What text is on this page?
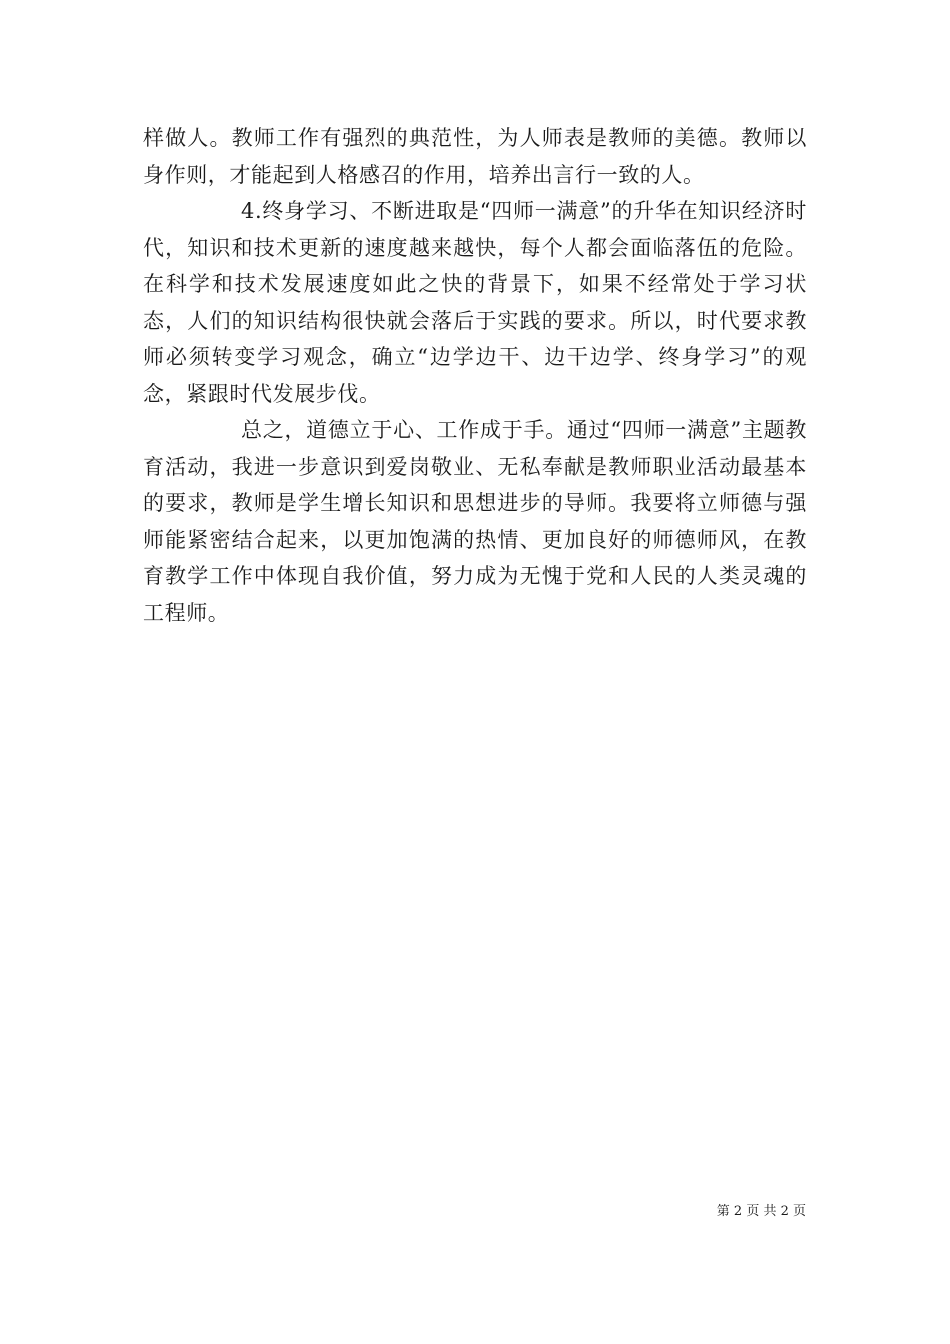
样做人。教师工作有强烈的典范性，为人师表是教师的美德。教师以身作则，才能起到人格感召的作用，培养出言行一致的人。

4.终身学习、不断进取是“四师一满意”的升华在知识经济时代，知识和技术更新的速度越来越快，每个人都会面临落伍的危险。在科学和技术发展速度如此之快的背景下，如果不经常处于学习状态，人们的知识结构很快就会落后于实践的要求。所以，时代要求教师必须转变学习观念，确立“边学边干、边干边学、终身学习”的观念，紧跟时代发展步伐。

总之，道德立于心、工作成于手。通过“四师一满意”主题教育活动，我进一步意识到爱岗敬业、无私奉献是教师职业活动最基本的要求，教师是学生增长知识和思想进步的导师。我要将立师德与强师能紧密结合起来，以更加饱满的热情、更加良好的师德师风，在教育教学工作中体现自我价值，努力成为无愧于党和人民的人类灵魂的工程师。

第 2 页 共 2 页
